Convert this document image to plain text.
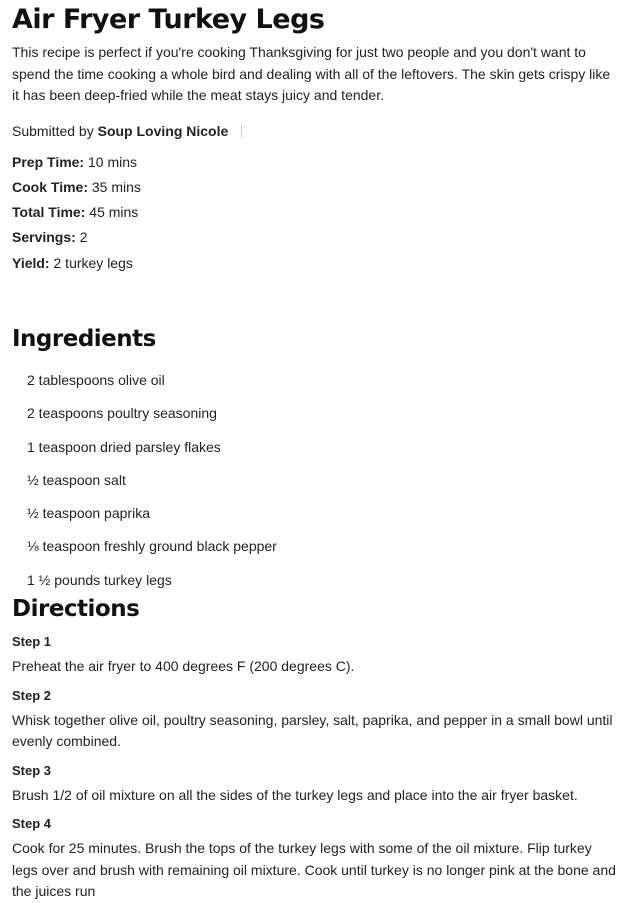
Air Fryer Turkey Legs

This recipe is perfect if you're cooking Thanksgiving for just two people and you don't want to spend the time cooking a whole bird and dealing with all of the leftovers. The skin gets crispy like it has been deep-fried while the meat stays juicy and tender.

Submitted by Soup Loving Nicole
Prep Time: 10 mins
Cook Time: 35 mins
Total Time: 45 mins
Servings: 2
Yield: 2 turkey legs
Ingredients
2 tablespoons olive oil
2 teaspoons poultry seasoning
1 teaspoon dried parsley flakes
½ teaspoon salt
½ teaspoon paprika
⅛ teaspoon freshly ground black pepper
1 ½ pounds turkey legs
Directions
Step 1
Preheat the air fryer to 400 degrees F (200 degrees C).
Step 2
Whisk together olive oil, poultry seasoning, parsley, salt, paprika, and pepper in a small bowl until evenly combined.
Step 3
Brush 1/2 of oil mixture on all the sides of the turkey legs and place into the air fryer basket.
Step 4
Cook for 25 minutes. Brush the tops of the turkey legs with some of the oil mixture. Flip turkey legs over and brush with remaining oil mixture. Cook until turkey is no longer pink at the bone and the juices run
